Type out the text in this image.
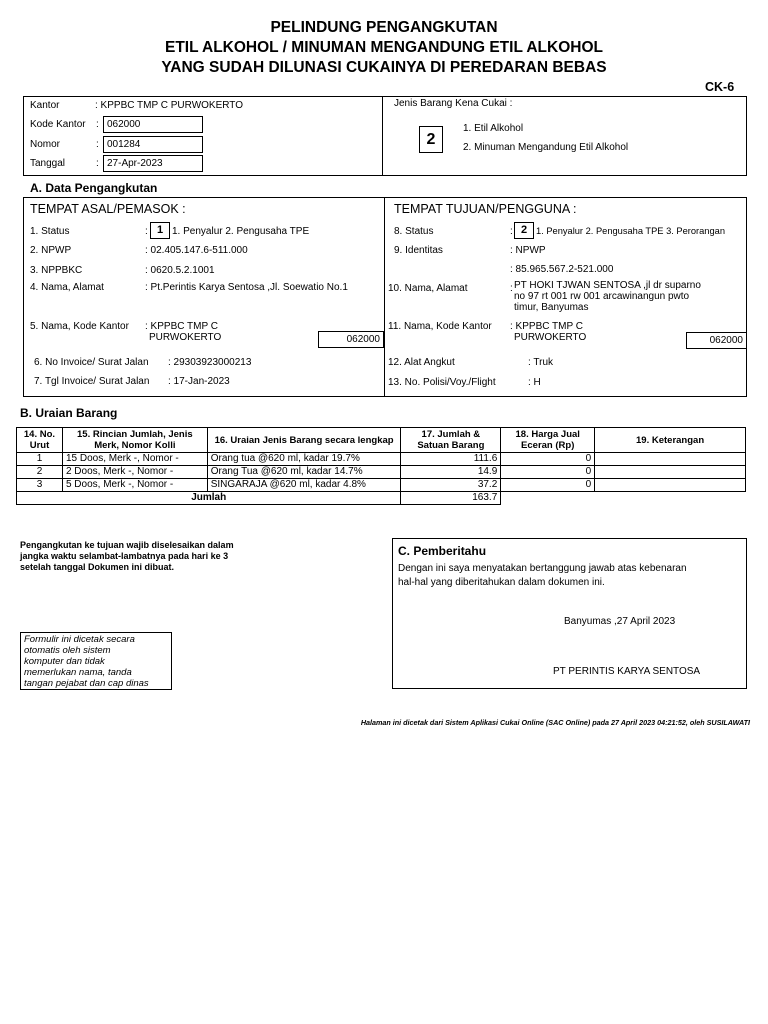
PELINDUNG PENGANGKUTAN
ETIL ALKOHOL / MINUMAN MENGANDUNG ETIL ALKOHOL
YANG SUDAH DILUNASI CUKAINYA DI PEREDARAN BEBAS
CK-6
Kantor	: KPPBC TMP C PURWOKERTO
Kode Kantor : 062000
Nomor	: 001284
Tanggal	: 27-Apr-2023
Jenis Barang Kena Cukai :
2
1. Etil Alkohol
2. Minuman Mengandung Etil Alkohol
A. Data Pengangkutan
TEMPAT ASAL/PEMASOK :
1. Status	: 1 1. Penyalur 2. Pengusaha TPE
2. NPWP	: 02.405.147.6-511.000
3. NPPBKC	: 0620.5.2.1001
4. Nama, Alamat	: Pt.Perintis Karya Sentosa ,Jl. Soewatio No.1
5. Nama, Kode Kantor : KPPBC TMP C
PURWOKERTO	062000
6. No Invoice/ Surat Jalan : 29303923000213
7. Tgl Invoice/ Surat Jalan : 17-Jan-2023
TEMPAT TUJUAN/PENGGUNA :
8. Status	: 2 1. Penyalur 2. Pengusaha TPE 3. Perorangan
9. Identitas	: NPWP
: 85.965.567.2-521.000
10. Nama, Alamat	: PT HOKI TJWAN SENTOSA ,jl dr suparno
no 97 rt 001 rw 001 arcawinangun pwto
timur, Banyumas
11. Nama, Kode Kantor : KPPBC TMP C
PURWOKERTO	062000
12. Alat Angkut	: Truk
13. No. Polisi/Voy./Flight	: H
B. Uraian Barang
14. No. Urut	15. Rincian Jumlah, Jenis Merk, Nomor Kolli	16. Uraian Jenis Barang secara lengkap	17. Jumlah & Satuan Barang	18. Harga Jual Eceran (Rp)	19. Keterangan
1	15 Doos, Merk -, Nomor -	Orang tua @620 ml, kadar 19.7%	111.6	0	
2	2 Doos, Merk -, Nomor -	Orang Tua @620 ml, kadar 14.7%	14.9	0	
3	5 Doos, Merk -, Nomor -	SINGARAJA @620 ml, kadar 4.8%	37.2	0	
Jumlah			163.7		
Pengangkutan ke tujuan wajib diselesaikan dalam
jangka waktu selambat-lambatnya pada hari ke 3
setelah tanggal Dokumen ini dibuat.
Formulir ini dicetak secara
otomatis oleh sistem
komputer dan tidak
memerlukan nama, tanda
tangan pejabat dan cap dinas
C. Pemberitahu
Dengan ini saya menyatakan bertanggung jawab atas kebenaran
hal-hal yang diberitahukan dalam dokumen ini.
Banyumas ,27 April 2023
PT PERINTIS KARYA SENTOSA
Halaman ini dicetak dari Sistem Aplikasi Cukai Online (SAC Online) pada 27 April 2023 04:21:52, oleh SUSILAWATI
